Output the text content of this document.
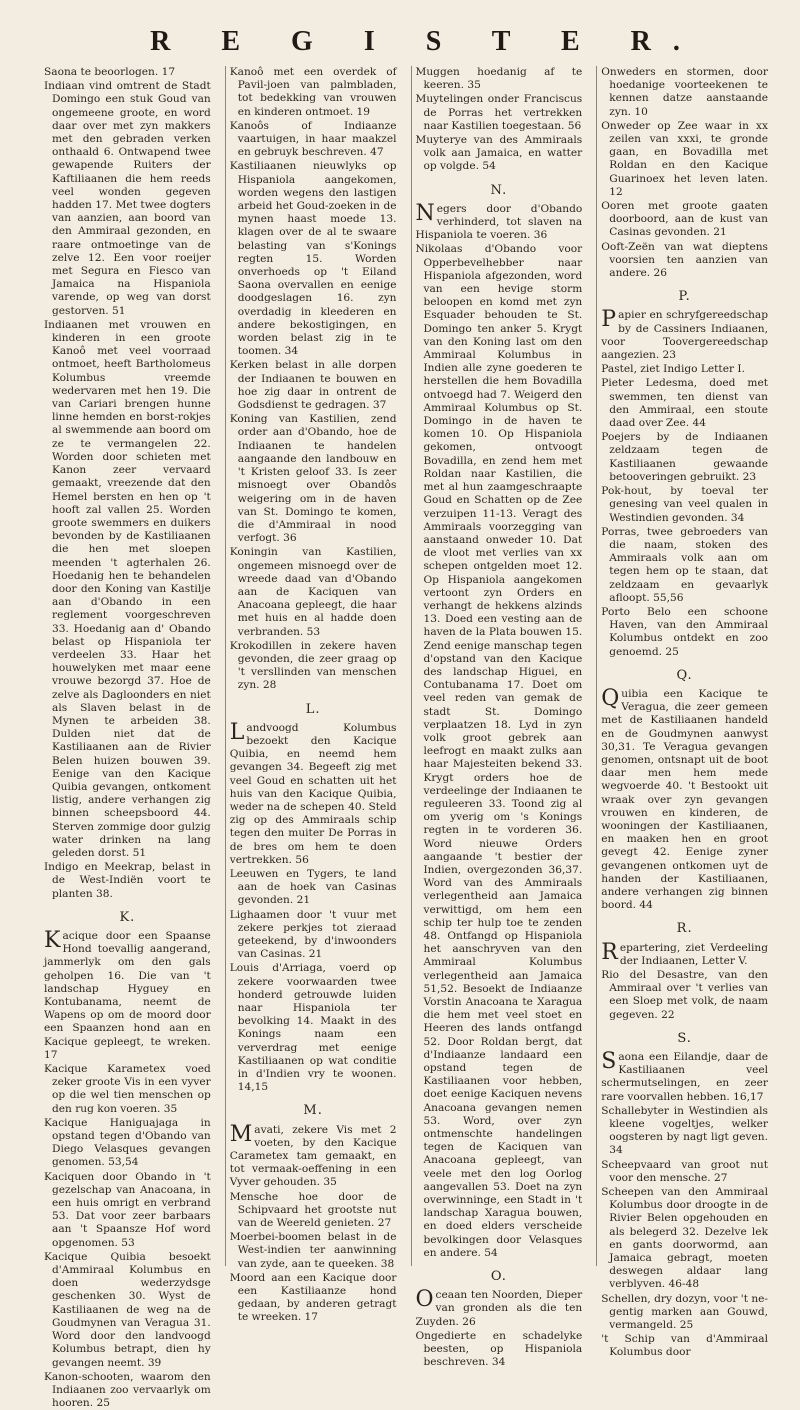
R E G I S T E R.
Saona te beoorlogen. 17
Indiaan vind omtrent de Stadt Domingo een stuk Goud van ongemeene groote, en word daar over met zyn makkers met den gebraden verken onthaald 6. Ontwapend twee gewapende Ruiters der Kaftiliaanen die hem reeds veel wonden gegeven hadden 17. Met twee dogters van aanzien, aan boord van den Ammiraal gezonden, en raare ontmoetinge van de zelve 12. Een voor roeijer met Segura en Fiesco van Jamaica na Hispaniola varende, op weg van dorst gestorven. 51
Indiaanen met vrouwen en kinderen in een groote Kanoô met veel voorraad ontmoet, heeft Bartholomeus Kolumbus vreemde wedervaren met hen 19. Die van Cariari brengen hunne linne hemden en borst-rokjes al swemmende aan boord om ze te vermangelen 22. Worden door schieten met Kanon zeer vervaard gemaakt, vreezende dat den Hemel bersten en hen op 't hooft zal vallen 25. Worden groote swemmers en duikers bevonden by de Kastiliaanen die hen met sloepen meenden 't agterhalen 26. Hoedanig hen te behandelen door den Koning van Kastilje aan d'Obando in een reglement voorgeschreven 33. Hoedanig aan d' Obando belast op Hispaniola ter verdeelen 33. Haar het houwelyken met maar eene vrouwe bezorgd 37. Hoe de zelve als Dagloonders en niet als Slaven belast in de Mynen te arbeiden 38. Dulden niet dat de Kastiliaanen aan de Rivier Belen huizen bouwen 39. Eenige van den Kacique Quibia gevangen, ontkoment listig, andere verhangen zig binnen scheepsboord 44. Sterven zommige door gulzig water drinken na lang geleden dorst. 51
Indigo en Meekrap, belast in de West-Indiën voort te planten 38.
K.
Kacique door een Spaanse Hond toevallig aangerand, jammerlyk om den gals geholpen 16. Die van 't landschap Hyguey en Kontubanama, neemt de Wapens op om de moord door een Spaanzen hond aan en Kacique gepleegt, te wreken. 17
Kacique Karametex voed zeker groote Vis in een vyver op die wel tien menschen op den rug kon voeren. 35
Kacique Haniguajaga in opstand tegen d'Obando van Diego Velasques gevangen genomen. 53,54
Kaciquen door Obando in 't gezelschap van Anacoana, in een huis omrigt en verbrand 53. Dat voor zeer barbaars aan 't Spaansze Hof word opgenomen. 53
Kacique Quibia besoekt d'Ammiraal Kolumbus en doen wederzydsge geschenken 30. Wyst de Kastiliaanen de weg na de Goudmynen van Veragua 31. Word door den landvoogd Kolumbus betrapt, dien hy gevangen neemt. 39
Kanon-schooten, waarom den Indiaanen zoo vervaarlyk om hooren. 25
Kanoô met een overdek of Pavil-joen van palmbladen, tot bedekking van vrouwen en kinderen ontmoet. 19
Kanoôs of Indiaanze vaartuigen, in haar maakzel en gebruyk beschreven. 47
Kastiliaanen nieuwlyks op Hispaniola aangekomen, worden wegens den lastigen arbeid het Goud-zoeken in de mynen haast moede 13. klagen over de al te swaare belasting van s'Konings regten 15. Worden onverhoeds op 't Eiland Saona overvallen en eenige doodgeslagen 16. zyn overdadig in kleederen en andere bekostigingen, en worden belast zig in te toomen. 34
Kerken belast in alle dorpen der Indiaanen te bouwen en hoe zig daar in ontrent de Godsdienst te gedragen. 37
Koning van Kastilien, zend order aan d'Obando, hoe de Indiaanen te handelen aangaande den landbouw en 't Kristen geloof 33. Is zeer misnoegt over Obandôs weigering om in de haven van St. Domingo te komen, die d'Ammiraal in nood verfogt. 36
Koningin van Kastilien, ongemeen misnoegd over de wreede daad van d'Obando aan de Kaciquen van Anacoana gepleegt, die haar met huis en al hadde doen verbranden. 53
Krokodillen in zekere haven gevonden, die zeer graag op 't versllinden van menschen zyn. 28
L.
Landvoogd Kolumbus bezoekt den Kacique Quibia, en neemd hem gevangen 34. Begeeft zig met veel Goud en schatten uit het huis van den Kacique Quibia, weder na de schepen 40. Steld zig op des Ammiraals schip tegen den muiter De Porras in de bres om hem te doen vertrekken. 56
Leeuwen en Tygers, te land aan de hoek van Casinas gevonden. 21
Lighaamen door 't vuur met zekere perkjes tot zieraad geteekend, by d'inwoonders van Casinas. 21
Louis d'Arriaga, voerd op zekere voorwaarden twee honderd getrouwde luiden naar Hispaniola ter bevolking 14. Maakt in des Konings naam een ververdrag met eenige Kastiliaanen op wat conditie in d'Indien vry te woonen. 14,15
M.
Mavati, zekere Vis met 2 voeten, by den Kacique Carametex tam gemaakt, en tot vermaak-oeffening in een Vyver gehouden. 35
Mensche hoe door de Schipvaard het grootste nut van de Weereld genieten. 27
Moerbei-boomen belast in de West-indien ter aanwinning van zyde, aan te queeken. 38
Moord aan een Kacique door een Kastiliaanze hond gedaan, by anderen getragt te wreeken. 17
Muggen hoedanig af te keeren. 35
Muytelingen onder Franciscus de Porras het vertrekken naar Kastilien toegestaan. 56
Muyterye van des Ammiraals volk aan Jamaica, en watter op volgde. 54
N.
Negers door d'Obando verhinderd, tot slaven na Hispaniola te voeren. 36
Nikolaas d'Obando voor Opperbevelhebber naar Hispaniola afgezonden, word van een hevige storm beloopen en komd met zyn Esquader behouden te St. Domingo ten anker 5. Krygt van den Koning last om den Ammiraal Kolumbus in Indien alle zyne goederen te herstellen die hem Bovadilla ontvoegd had 7. Weigerd den Ammiraal Kolumbus op St. Domingo in de haven te komen 10. Op Hispaniola gekomen, ontvoogt Bovadilla, en zend hem met Roldan naar Kastilien, die met al hun zaamgeschraapte Goud en Schatten op de Zee verzuipen 11-13. Veragt des Ammiraals voorzegging van aanstaand onweder 10. Dat de vloot met verlies van xx schepen ontgelden moet 12. Op Hispaniola aangekomen vertoont zyn Orders en verhangt de hekkens alzinds 13. Doed een vesting aan de haven de la Plata bouwen 15. Zend eenige manschap tegen d'opstand van den Kacique des landschap Higuei, en Contubanama 17. Doet om veel reden van gemak de stadt St. Domingo verplaatzen 18. Lyd in zyn volk groot gebrek aan leefrogt en maakt zulks aan haar Majesteiten bekend 33. Krygt orders hoe de verdeelinge der Indiaanen te reguleeren 33. Toond zig al om yverig om 's Konings regten in te vorderen 36. Word nieuwe Orders aangaande 't bestier der Indien, overgezonden 36,37. Word van des Ammiraals verlegentheid aan Jamaica verwittigd, om hem een schip ter hulp toe te zenden 48. Ontfangd op Hispaniola het aanschryven van den Ammiraal Kolumbus verlegentheid aan Jamaica 51,52. Besoekt de Indiaanze Vorstin Anacoana te Xaragua die hem met veel stoet en Heeren des lands ontfangd 52. Door Roldan bergt, dat d'Indiaanze landaard een opstand tegen de Kastiliaanen voor hebben, doet eenige Kaciquen nevens Anacoana gevangen nemen 53. Word, over zyn ontmenschte handelingen tegen de Kaciquen van Anacoana gepleegt, van veele met den log Oorlog aangevallen 53. Doet na zyn overwinninge, een Stadt in 't landschap Xaragua bouwen, en doed elders verscheide bevolkingen door Velasques en andere. 54
O.
Oceaan ten Noorden, Dieper van gronden als die ten Zuyden. 26
Ongedierte en schadelyke beesten, op Hispaniola beschreven. 34
Onweders en stormen, door hoedanige voorteekenen te kennen datze aanstaande zyn. 10
Onweder op Zee waar in xx zeilen van xxxi, te gronde gaan, en Bovadilla met Roldan en den Kacique Guarinoex het leven laten. 12
Ooren met groote gaaten doorboord, aan de kust van Casinas gevonden. 21
Ooft-Zeën van wat dieptens voorsien ten aanzien van andere. 26
P.
Papier en schryfgereedschap by de Cassiners Indiaanen, voor Toovergereedschap aangezien. 23
Pastel, ziet Indigo Letter I.
Pieter Ledesma, doed met swemmen, ten dienst van den Ammiraal, een stoute daad over Zee. 44
Poejers by de Indiaanen zeldzaam tegen de Kastiliaanen gewaande betooveringen gebruikt. 23
Pok-hout, by toeval ter genesing van veel qualen in Westindien gevonden. 34
Porras, twee gebroeders van die naam, stoken des Ammiraals volk aan om tegen hem op te staan, dat zeldzaam en gevaarlyk afloopt. 55,56
Porto Belo een schoone Haven, van den Ammiraal Kolumbus ontdekt en zoo genoemd. 25
Q.
Quibia een Kacique te Veragua, die zeer gemeen met de Kastiliaanen handeld en de Goudmynen aanwyst 30,31. Te Veragua gevangen genomen, ontsnapt uit de boot daar men hem mede wegvoerde 40. 't Bestookt uit wraak over zyn gevangen vrouwen en kinderen, de wooningen der Kastiliaanen, en maaken hen en groot gevegt 42. Eenige zyner gevangenen ontkomen uyt de handen der Kastiliaanen, andere verhangen zig binnen boord. 44
R.
Repartering, ziet Verdeeling der Indiaanen, Letter V.
Rio del Desastre, van den Ammiraal over 't verlies van een Sloep met volk, de naam gegeven. 22
S.
Saona een Eilandje, daar de Kastiliaanen veel schermutselingen, en zeer rare voorvallen hebben. 16,17
Schallebyter in Westindien als kleene vogeltjes, welker oogsteren by nagt ligt geven. 34
Scheepvaard van groot nut voor den mensche. 27
Scheepen van den Ammiraal Kolumbus door droogte in de Rivier Belen opgehouden en als belegerd 32. Dezelve lek en gants doorwormd, aan Jamaica gebragt, moeten deswegen aldaar lang verblyven. 46-48
Schellen, dry dozyn, voor 't ne-gentig marken aan Gouwd, vermangeld. 25
't Schip van d'Ammiraal Kolumbus door
